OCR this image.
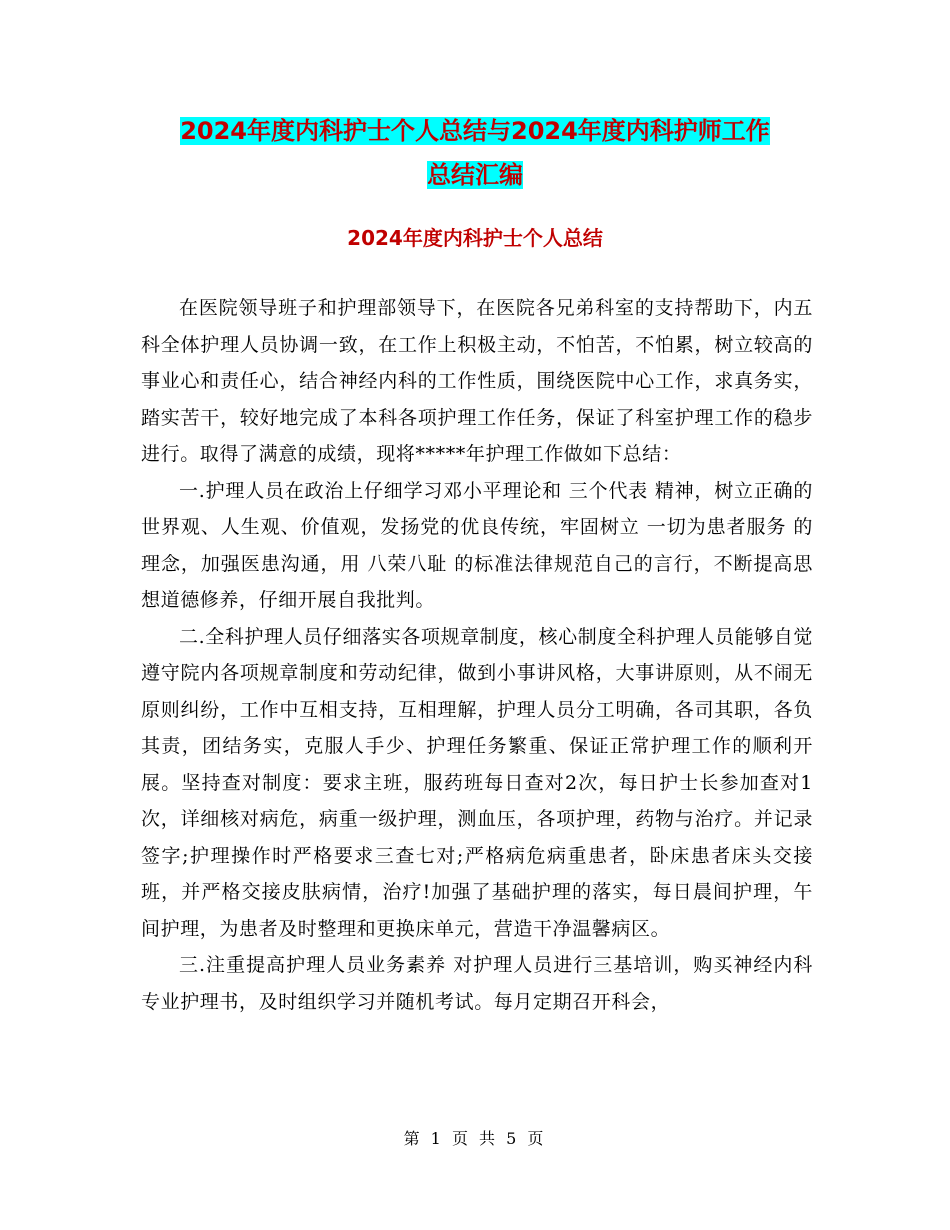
2024年度内科护士个人总结与2024年度内科护师工作
总结汇编
2024年度内科护士个人总结

在医院领导班子和护理部领导下，在医院各兄弟科室的支持帮助下，内五科全体护理人员协调一致，在工作上积极主动，不怕苦，不怕累，树立较高的事业心和责任心，结合神经内科的工作性质，围绕医院中心工作，求真务实，踏实苦干，较好地完成了本科各项护理工作任务，保证了科室护理工作的稳步进行。取得了满意的成绩，现将*****年护理工作做如下总结：

一.护理人员在政治上仔细学习邓小平理论和 三个代表 精神，树立正确的世界观、人生观、价值观，发扬党的优良传统，牢固树立 一切为患者服务 的理念，加强医患沟通，用 八荣八耻 的标准法律规范自己的言行，不断提高思想道德修养，仔细开展自我批判。

二.全科护理人员仔细落实各项规章制度，核心制度全科护理人员能够自觉遵守院内各项规章制度和劳动纪律，做到小事讲风格，大事讲原则，从不闹无原则纠纷，工作中互相支持，互相理解，护理人员分工明确，各司其职，各负其责，团结务实，克服人手少、护理任务繁重、保证正常护理工作的顺利开展。坚持查对制度：要求主班，服药班每日查对2次，每日护士长参加查对1次，详细核对病危，病重一级护理，测血压，各项护理，药物与治疗。并记录签字;护理操作时严格要求三查七对;严格病危病重患者，卧床患者床头交接班，并严格交接皮肤病情，治疗!加强了基础护理的落实，每日晨间护理，午间护理，为患者及时整理和更换床单元，营造干净温馨病区。

三.注重提高护理人员业务素养 对护理人员进行三基培训，购买神经内科专业护理书，及时组织学习并随机考试。每月定期召开科会，

第 1 页 共 5 页
